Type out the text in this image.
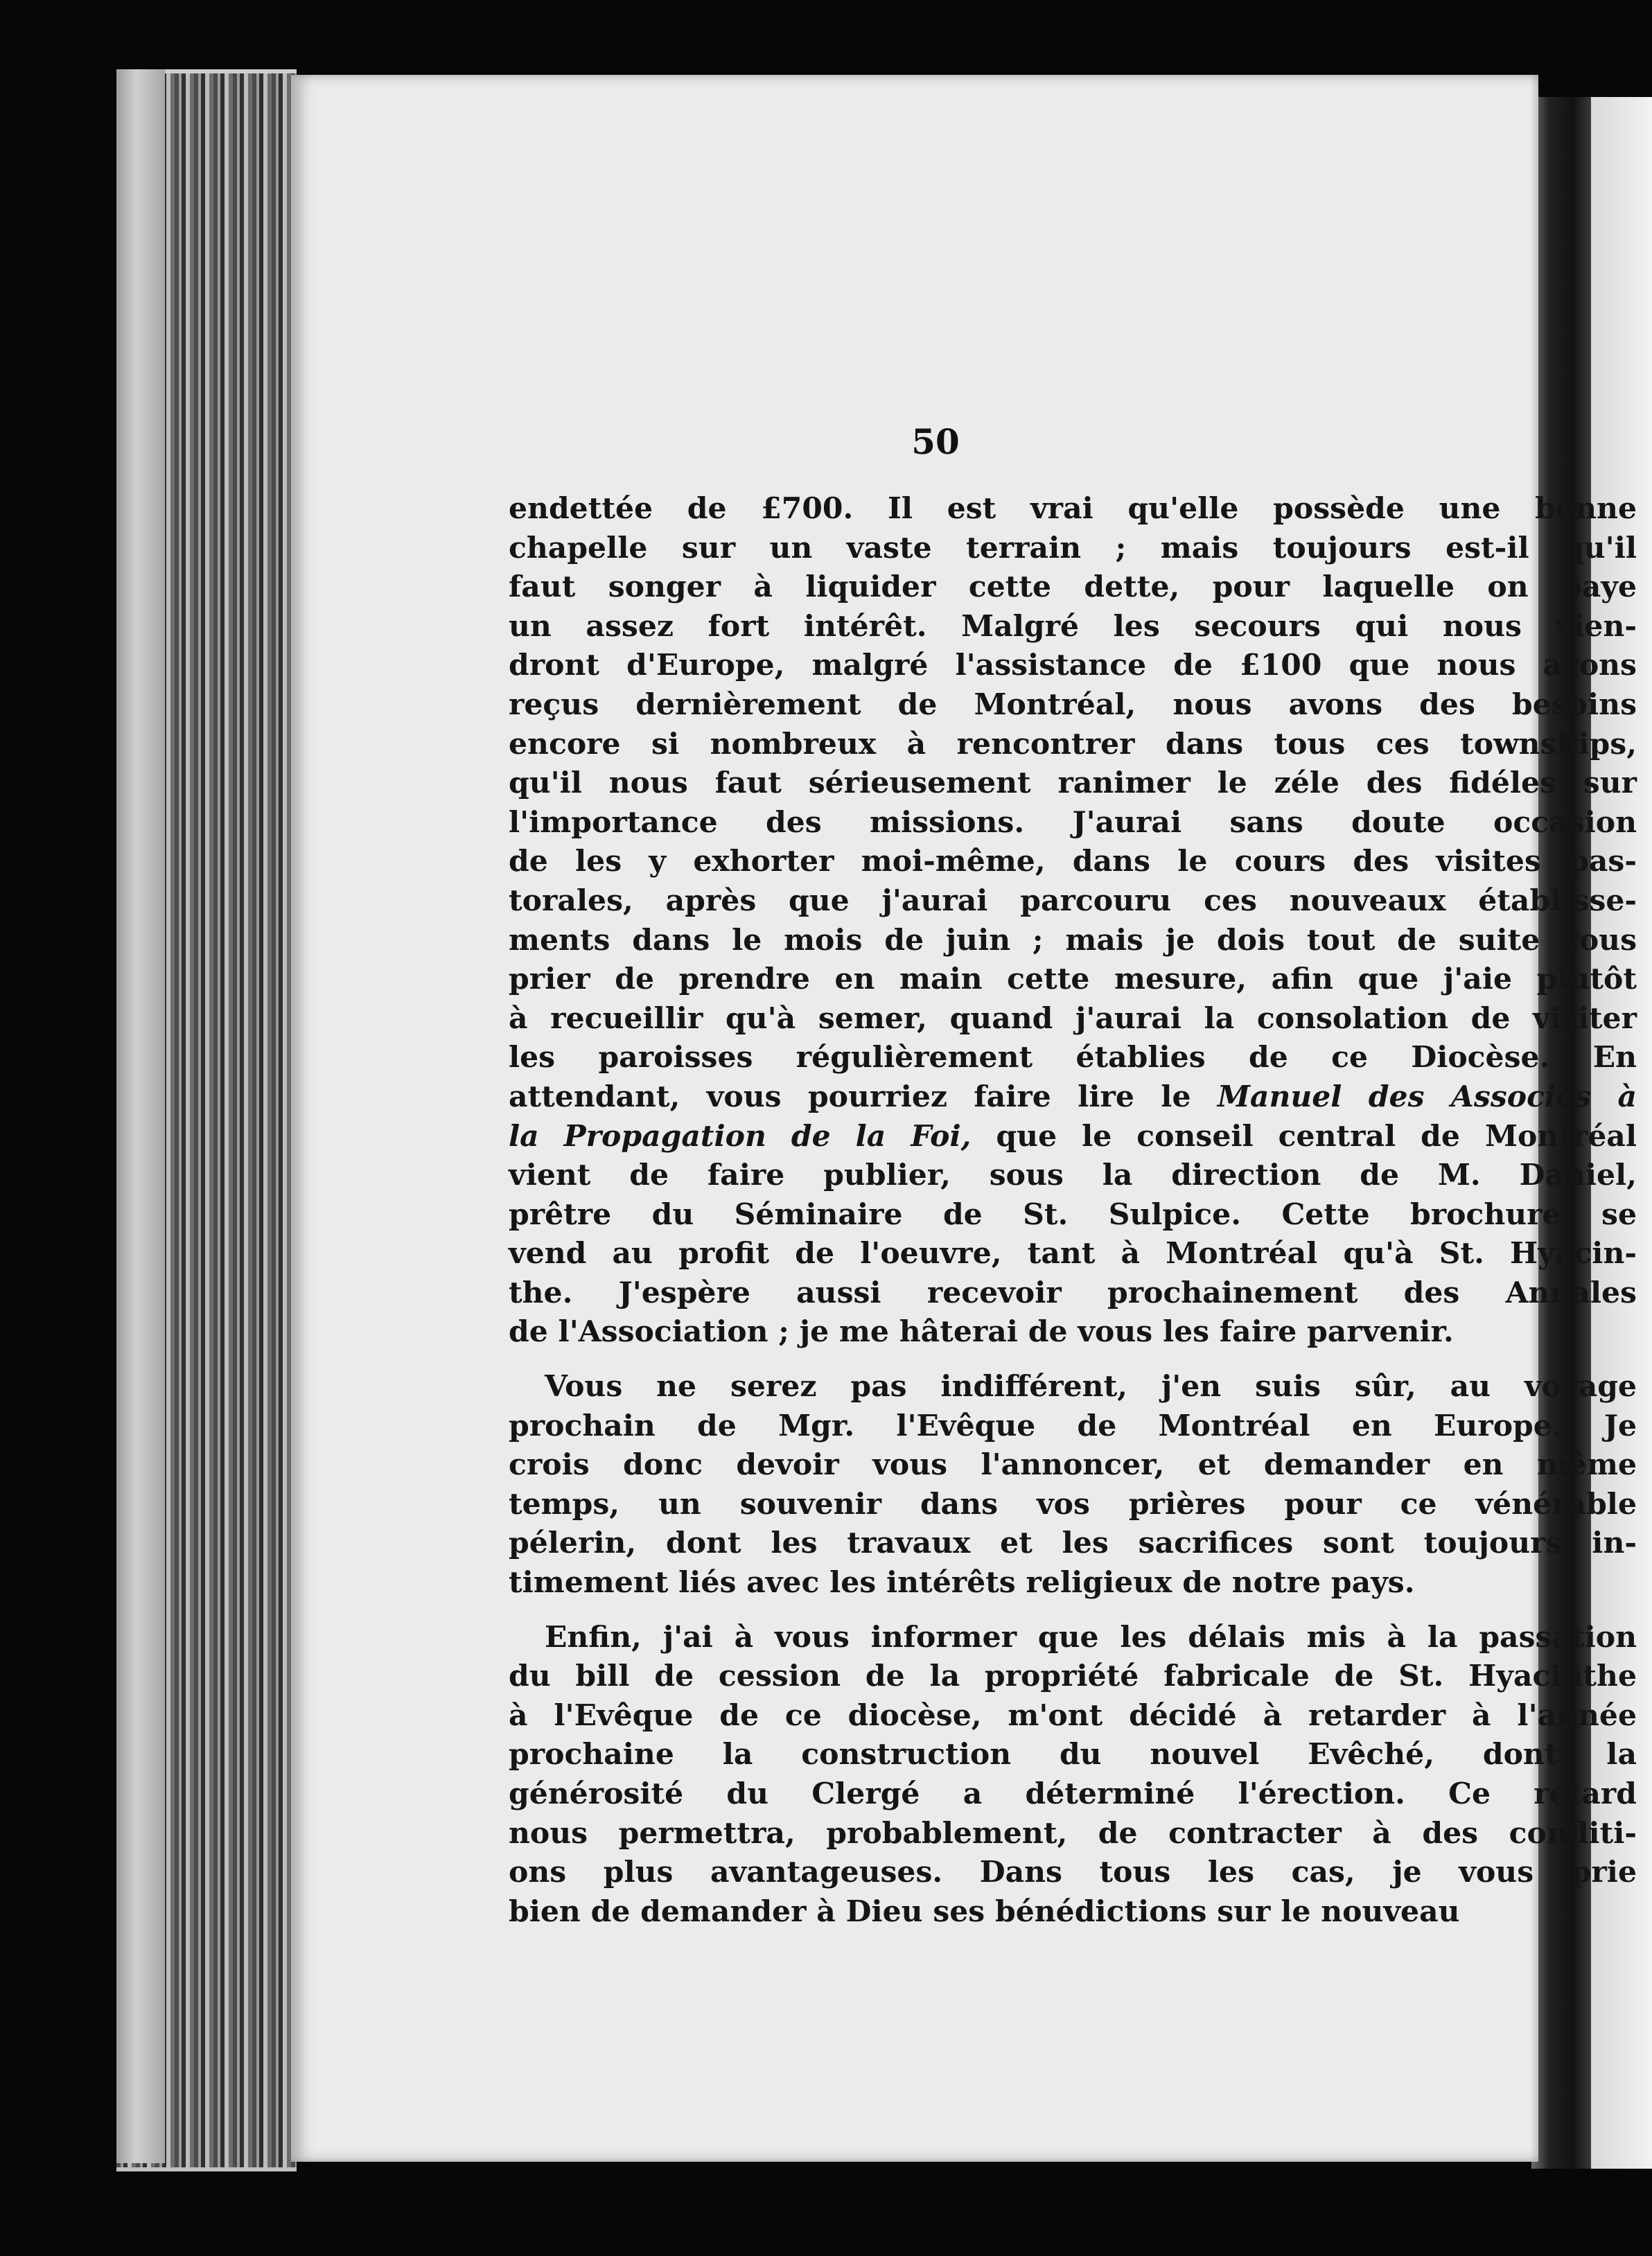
50
endettée de £700. Il est vrai qu'elle possède une bonne
chapelle sur un vaste terrain ; mais toujours est-il qu'il
faut songer à liquider cette dette, pour laquelle on paye
un assez fort intérêt. Malgré les secours qui nous vien-
dront d'Europe, malgré l'assistance de £100 que nous avons
reçus dernièrement de Montréal, nous avons des besoins
encore si nombreux à rencontrer dans tous ces townships,
qu'il nous faut sérieusement ranimer le zéle des fidéles sur
l'importance des missions. J'aurai sans doute occasion
de les y exhorter moi-même, dans le cours des visites pas-
torales, après que j'aurai parcouru ces nouveaux établisse-
ments dans le mois de juin ; mais je dois tout de suite vous
prier de prendre en main cette mesure, afin que j'aie plutôt
à recueillir qu'à semer, quand j'aurai la consolation de visiter
les paroisses régulièrement établies de ce Diocèse. En
attendant, vous pourriez faire lire le Manuel des Associés à
la Propagation de la Foi, que le conseil central de Montréal
vient de faire publier, sous la direction de M. Daniel,
prêtre du Séminaire de St. Sulpice. Cette brochure se
vend au profit de l'oeuvre, tant à Montréal qu'à St. Hyacin-
the. J'espère aussi recevoir prochainement des Annales
de l'Association ; je me hâterai de vous les faire parvenir.
Vous ne serez pas indifférent, j'en suis sûr, au voyage
prochain de Mgr. l'Evêque de Montréal en Europe. Je
crois donc devoir vous l'annoncer, et demander en même
temps, un souvenir dans vos prières pour ce vénérable
pélerin, dont les travaux et les sacrifices sont toujours in-
timement liés avec les intérêts religieux de notre pays.
Enfin, j'ai à vous informer que les délais mis à la passation
du bill de cession de la propriété fabricale de St. Hyacinthe
à l'Evêque de ce diocèse, m'ont décidé à retarder à l'année
prochaine la construction du nouvel Evêché, dont la
générosité du Clergé a déterminé l'érection. Ce retard
nous permettra, probablement, de contracter à des conditi-
ons plus avantageuses. Dans tous les cas, je vous prie
bien de demander à Dieu ses bénédictions sur le nouveau
